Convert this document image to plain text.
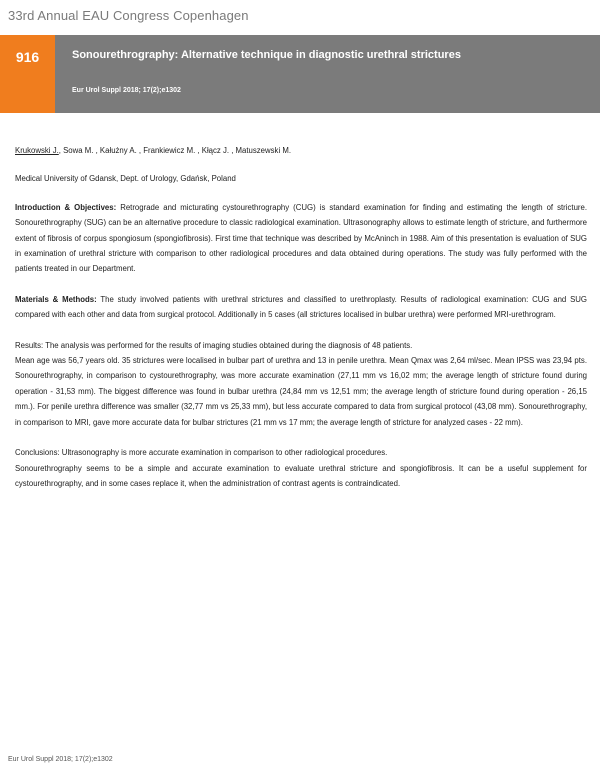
33rd Annual EAU Congress Copenhagen
916	Sonourethrography: Alternative technique in diagnostic urethral strictures
Eur Urol Suppl 2018; 17(2);e1302

Krukowski J., Sowa M. , Kałużny A. , Frankiewicz M. , Kłącz J. , Matuszewski M.

Medical University of Gdansk, Dept. of Urology, Gdańsk, Poland

Introduction & Objectives: Retrograde and micturating cystourethrography (CUG) is standard examination for finding and estimating the length of stricture. Sonourethrography (SUG) can be an alternative procedure to classic radiological examination. Ultrasonography allows to estimate length of stricture, and furthermore extent of fibrosis of corpus spongiosum (spongiofibrosis). First time that technique was described by McAninch in 1988. Aim of this presentation is evaluation of SUG in examination of urethral stricture with comparison to other radiological procedures and data obtained during operations. The study was fully performed with the patients treated in our Department.

Materials & Methods: The study involved patients with urethral strictures and classified to urethroplasty. Results of radiological examination: CUG and SUG compared with each other and data from surgical protocol. Additionally in 5 cases (all strictures localised in bulbar urethra) were performed MRI-urethrogram.

Results: The analysis was performed for the results of imaging studies obtained during the diagnosis of 48 patients.

Mean age was 56,7 years old. 35 strictures were localised in bulbar part of urethra and 13 in penile urethra. Mean Qmax was 2,64 ml/sec. Mean IPSS was 23,94 pts. Sonourethrography, in comparison to cystourethrography, was more accurate examination (27,11 mm vs 16,02 mm; the average length of stricture found during operation - 31,53 mm). The biggest difference was found in bulbar urethra (24,84 mm vs 12,51 mm; the average length of stricture found during operation - 26,15 mm.). For penile urethra difference was smaller (32,77 mm vs 25,33 mm), but less accurate compared to data from surgical protocol (43,08 mm). Sonourethrography, in comparison to MRI, gave more accurate data for bulbar strictures (21 mm vs 17 mm; the average length of stricture for analyzed cases - 22 mm).

Conclusions: Ultrasonography is more accurate examination in comparison to other radiological procedures.

Sonourethrography seems to be a simple and accurate examination to evaluate urethral stricture and spongiofibrosis. It can be a useful supplement for cystourethrography, and in some cases replace it, when the administration of contrast agents is contraindicated.

Eur Urol Suppl 2018; 17(2);e1302
